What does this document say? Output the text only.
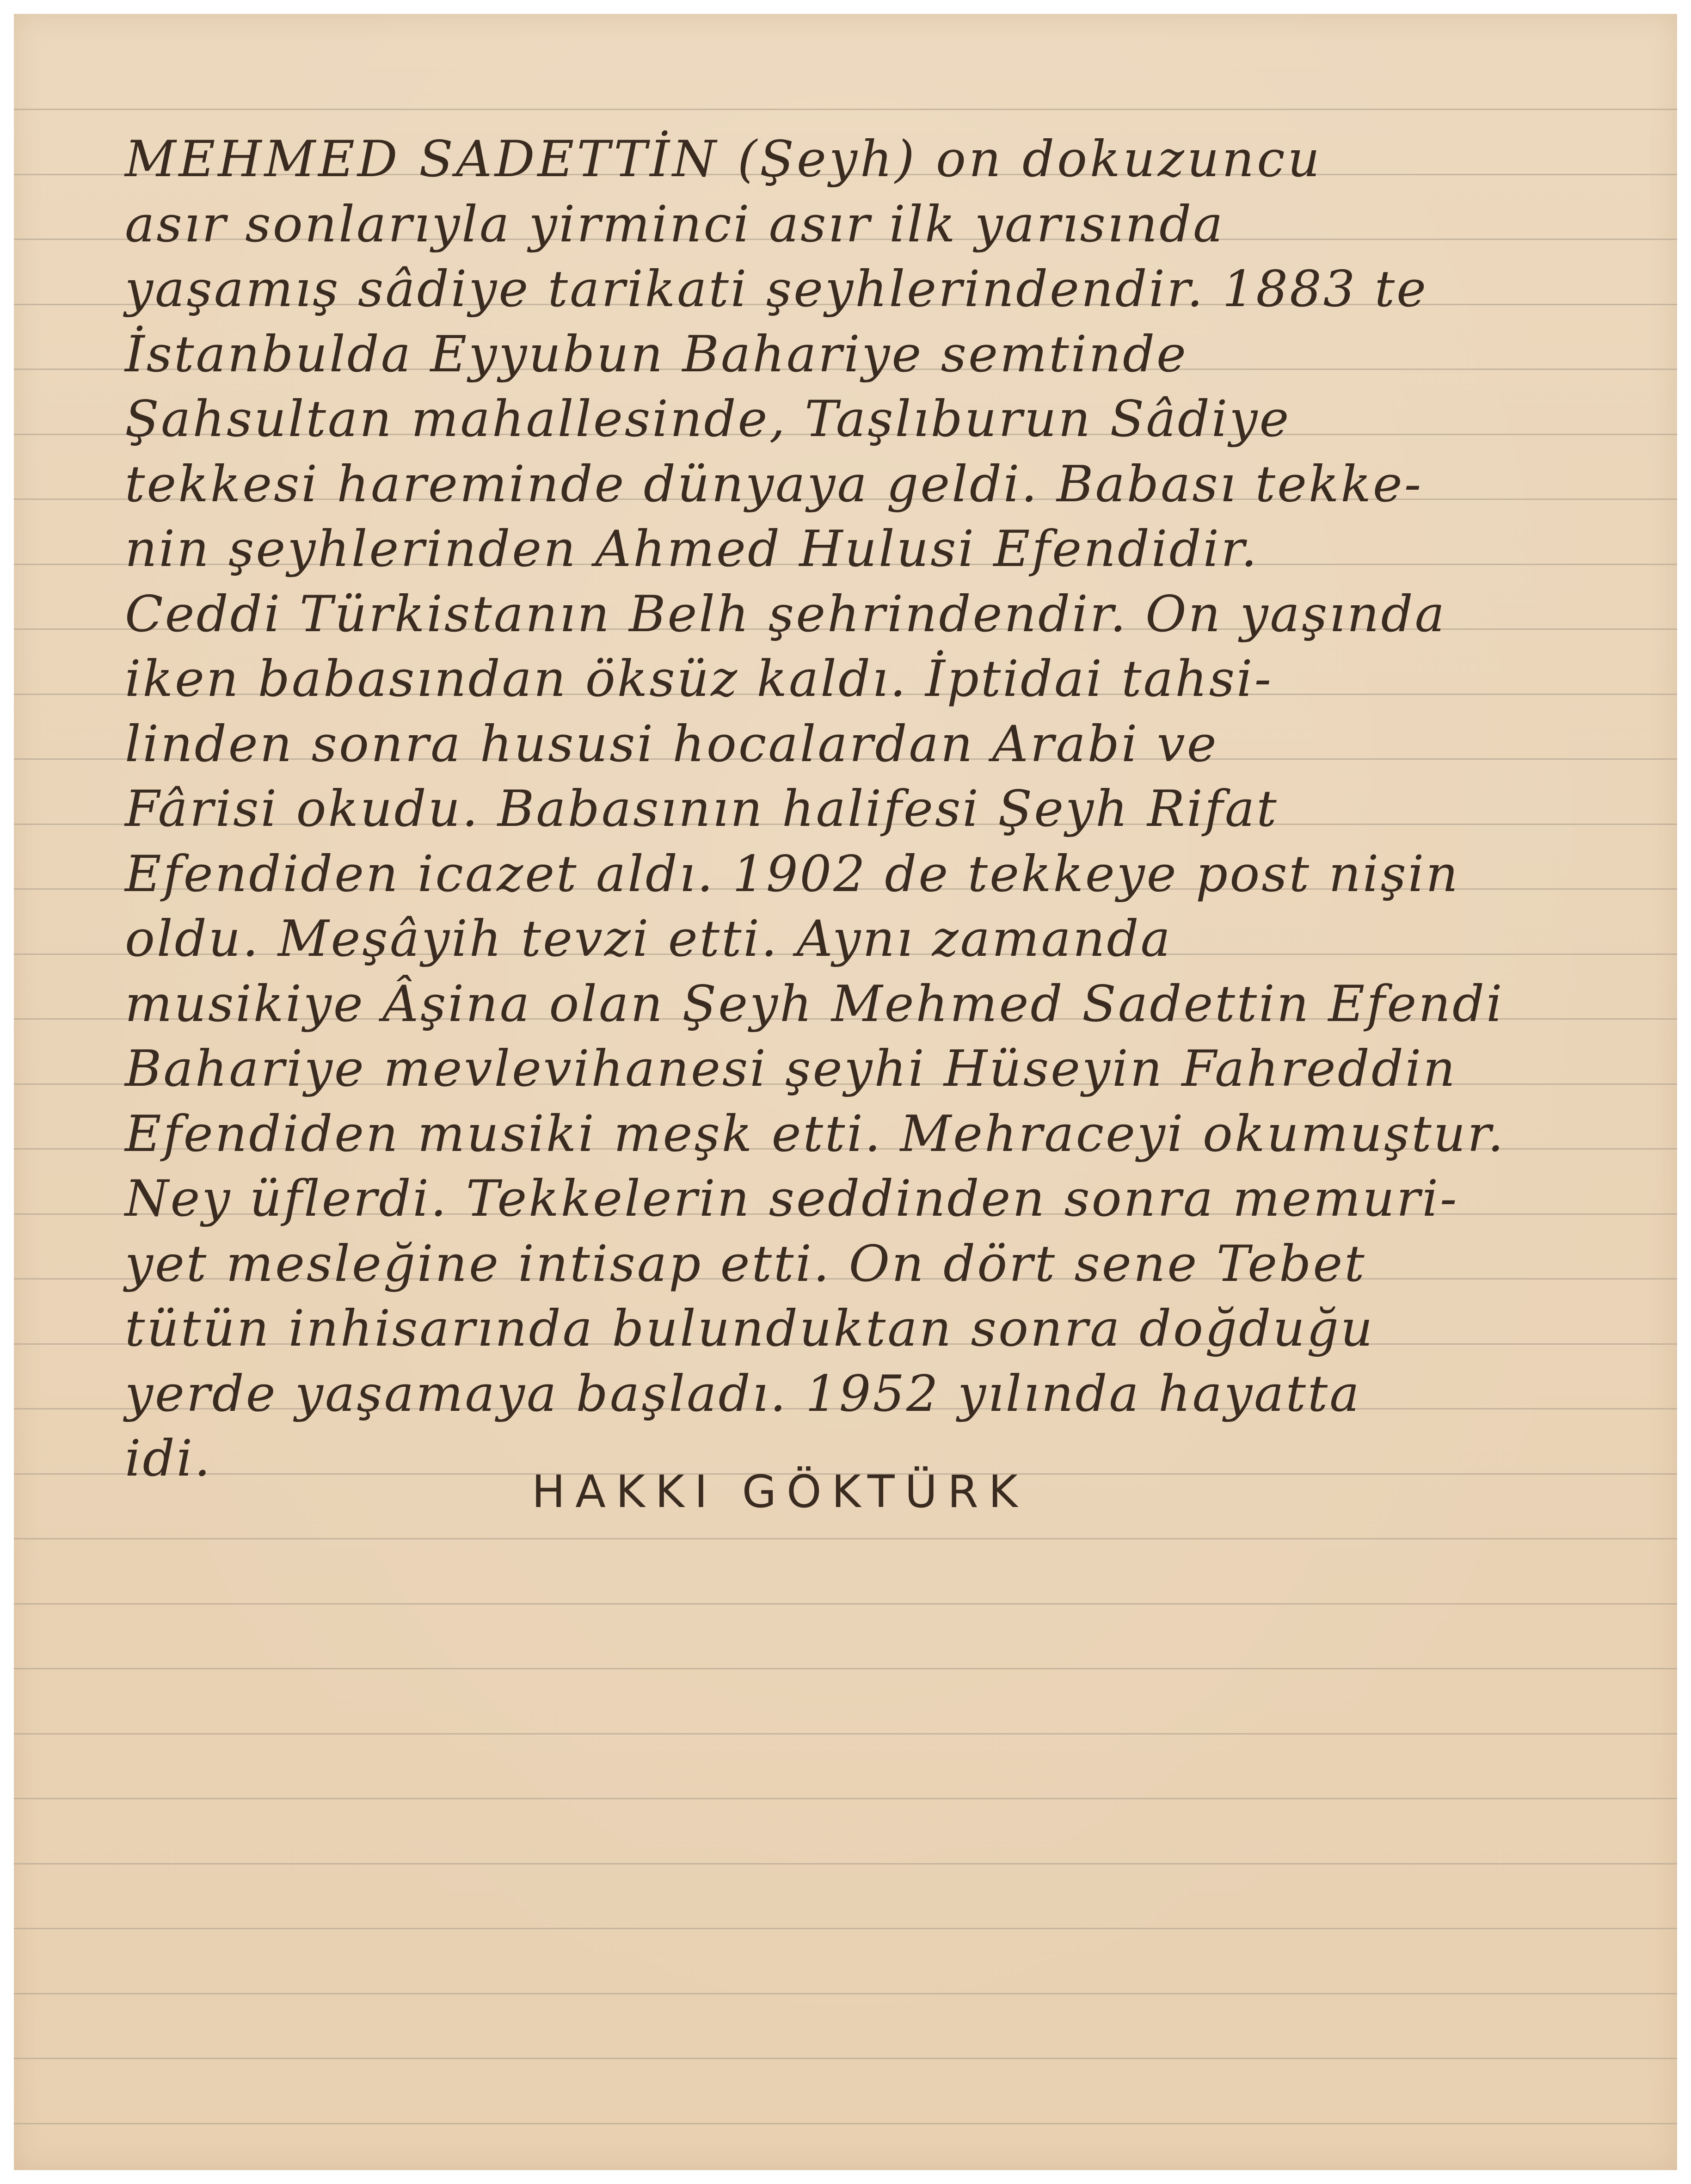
MEHMED SADETTİN (Şeyh) on dokuzuncu
asır sonlarıyla yirminci asır ilk yarısında
yaşamış sâdiye tarikati şeyhlerindendir. 1883 te
İstanbulda Eyyubun Bahariye semtinde
Şahsultan mahallesinde, Taşlıburun Sâdiye
tekkesi hareminde dünyaya geldi. Babası tekke-
nin şeyhlerinden Ahmed Hulusi Efendidir.
Ceddi Türkistanın Belh şehrindendir. On yaşında
iken babasından öksüz kaldı. İptidai tahsi-
linden sonra hususi hocalardan Arabi ve
Fârisi okudu. Babasının halifesi Şeyh Rifat
Efendiden icazet aldı. 1902 de tekkeye post nişin
oldu. Meşâyih tevzi etti. Aynı zamanda
musikiye Âşina olan Şeyh Mehmed Sadettin Efendi
Bahariye mevlevihanesi şeyhi Hüseyin Fahreddin
Efendiden musiki meşk etti. Mehraceyi okumuştur.
Ney üflerdi. Tekkelerin seddinden sonra memuri-
yet mesleğine intisap etti. On dört sene Tebet
tütün inhisarında bulunduktan sonra doğduğu
yerde yaşamaya başladı. 1952 yılında hayatta
idi.

HAKKI GÖKTÜRK
